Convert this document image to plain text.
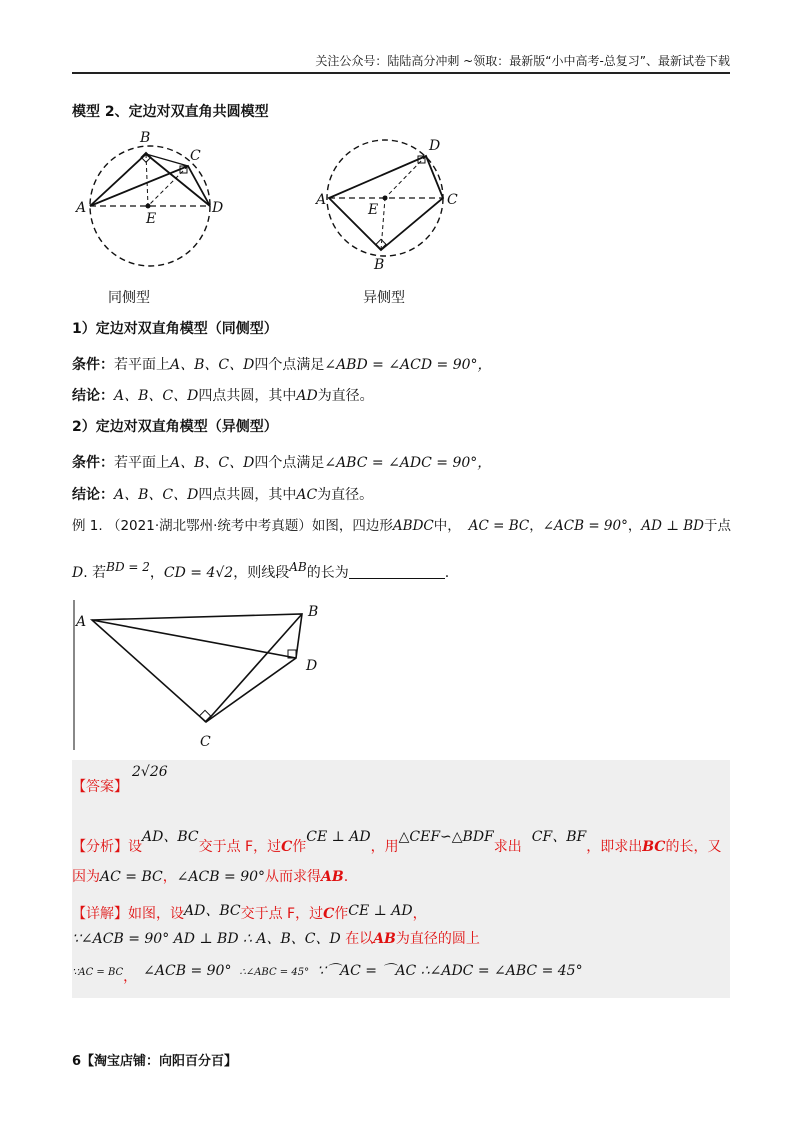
关注公众号：陆陆高分冲刺 ~领取：最新版“小中高考-总复习”、最新试卷下载
模型 2、定边对双直角共圆模型
B
C
A	D
E
同侧型
D
A
E
C
B
异侧型
1）定边对双直角模型（同侧型）
条件：若平面上A、B、C、D四个点满足∠ABD = ∠ACD = 90°，
结论：A、B、C、D四点共圆，其中AD为直径。
2）定边对双直角模型（异侧型）
条件：若平面上A、B、C、D四个点满足∠ABC = ∠ADC = 90°，
结论：A、B、C、D四点共圆，其中AC为直径。
例 1. （2021·湖北鄂州·统考中考真题）如图，四边形ABDC中， AC = BC，∠ACB = 90°，AD ⊥ BD于点
D. 若BD = 2，CD = 4√2，则线段AB的长为	.
A
B
D
C
【答案】
2√26
【分析】设AD、BC交于点 F，过C作CE ⊥ AD，用△CEF∽△BDF求出CF、BF，即求出BC的长，又
因为AC = BC，∠ACB = 90°从而求得AB.
【详解】如图，设AD、BC交于点 F，过C作CE ⊥ AD，
∵∠ACB = 90° AD ⊥ BD ∴ A、B、C、D 在以AB为直径的圆上
∵AC = BC， ∠ACB = 90° ∴∠ABC = 45° ∵⌒AC = ⌒AC ∴∠ADC = ∠ABC = 45°
6【淘宝店铺：向阳百分百】
